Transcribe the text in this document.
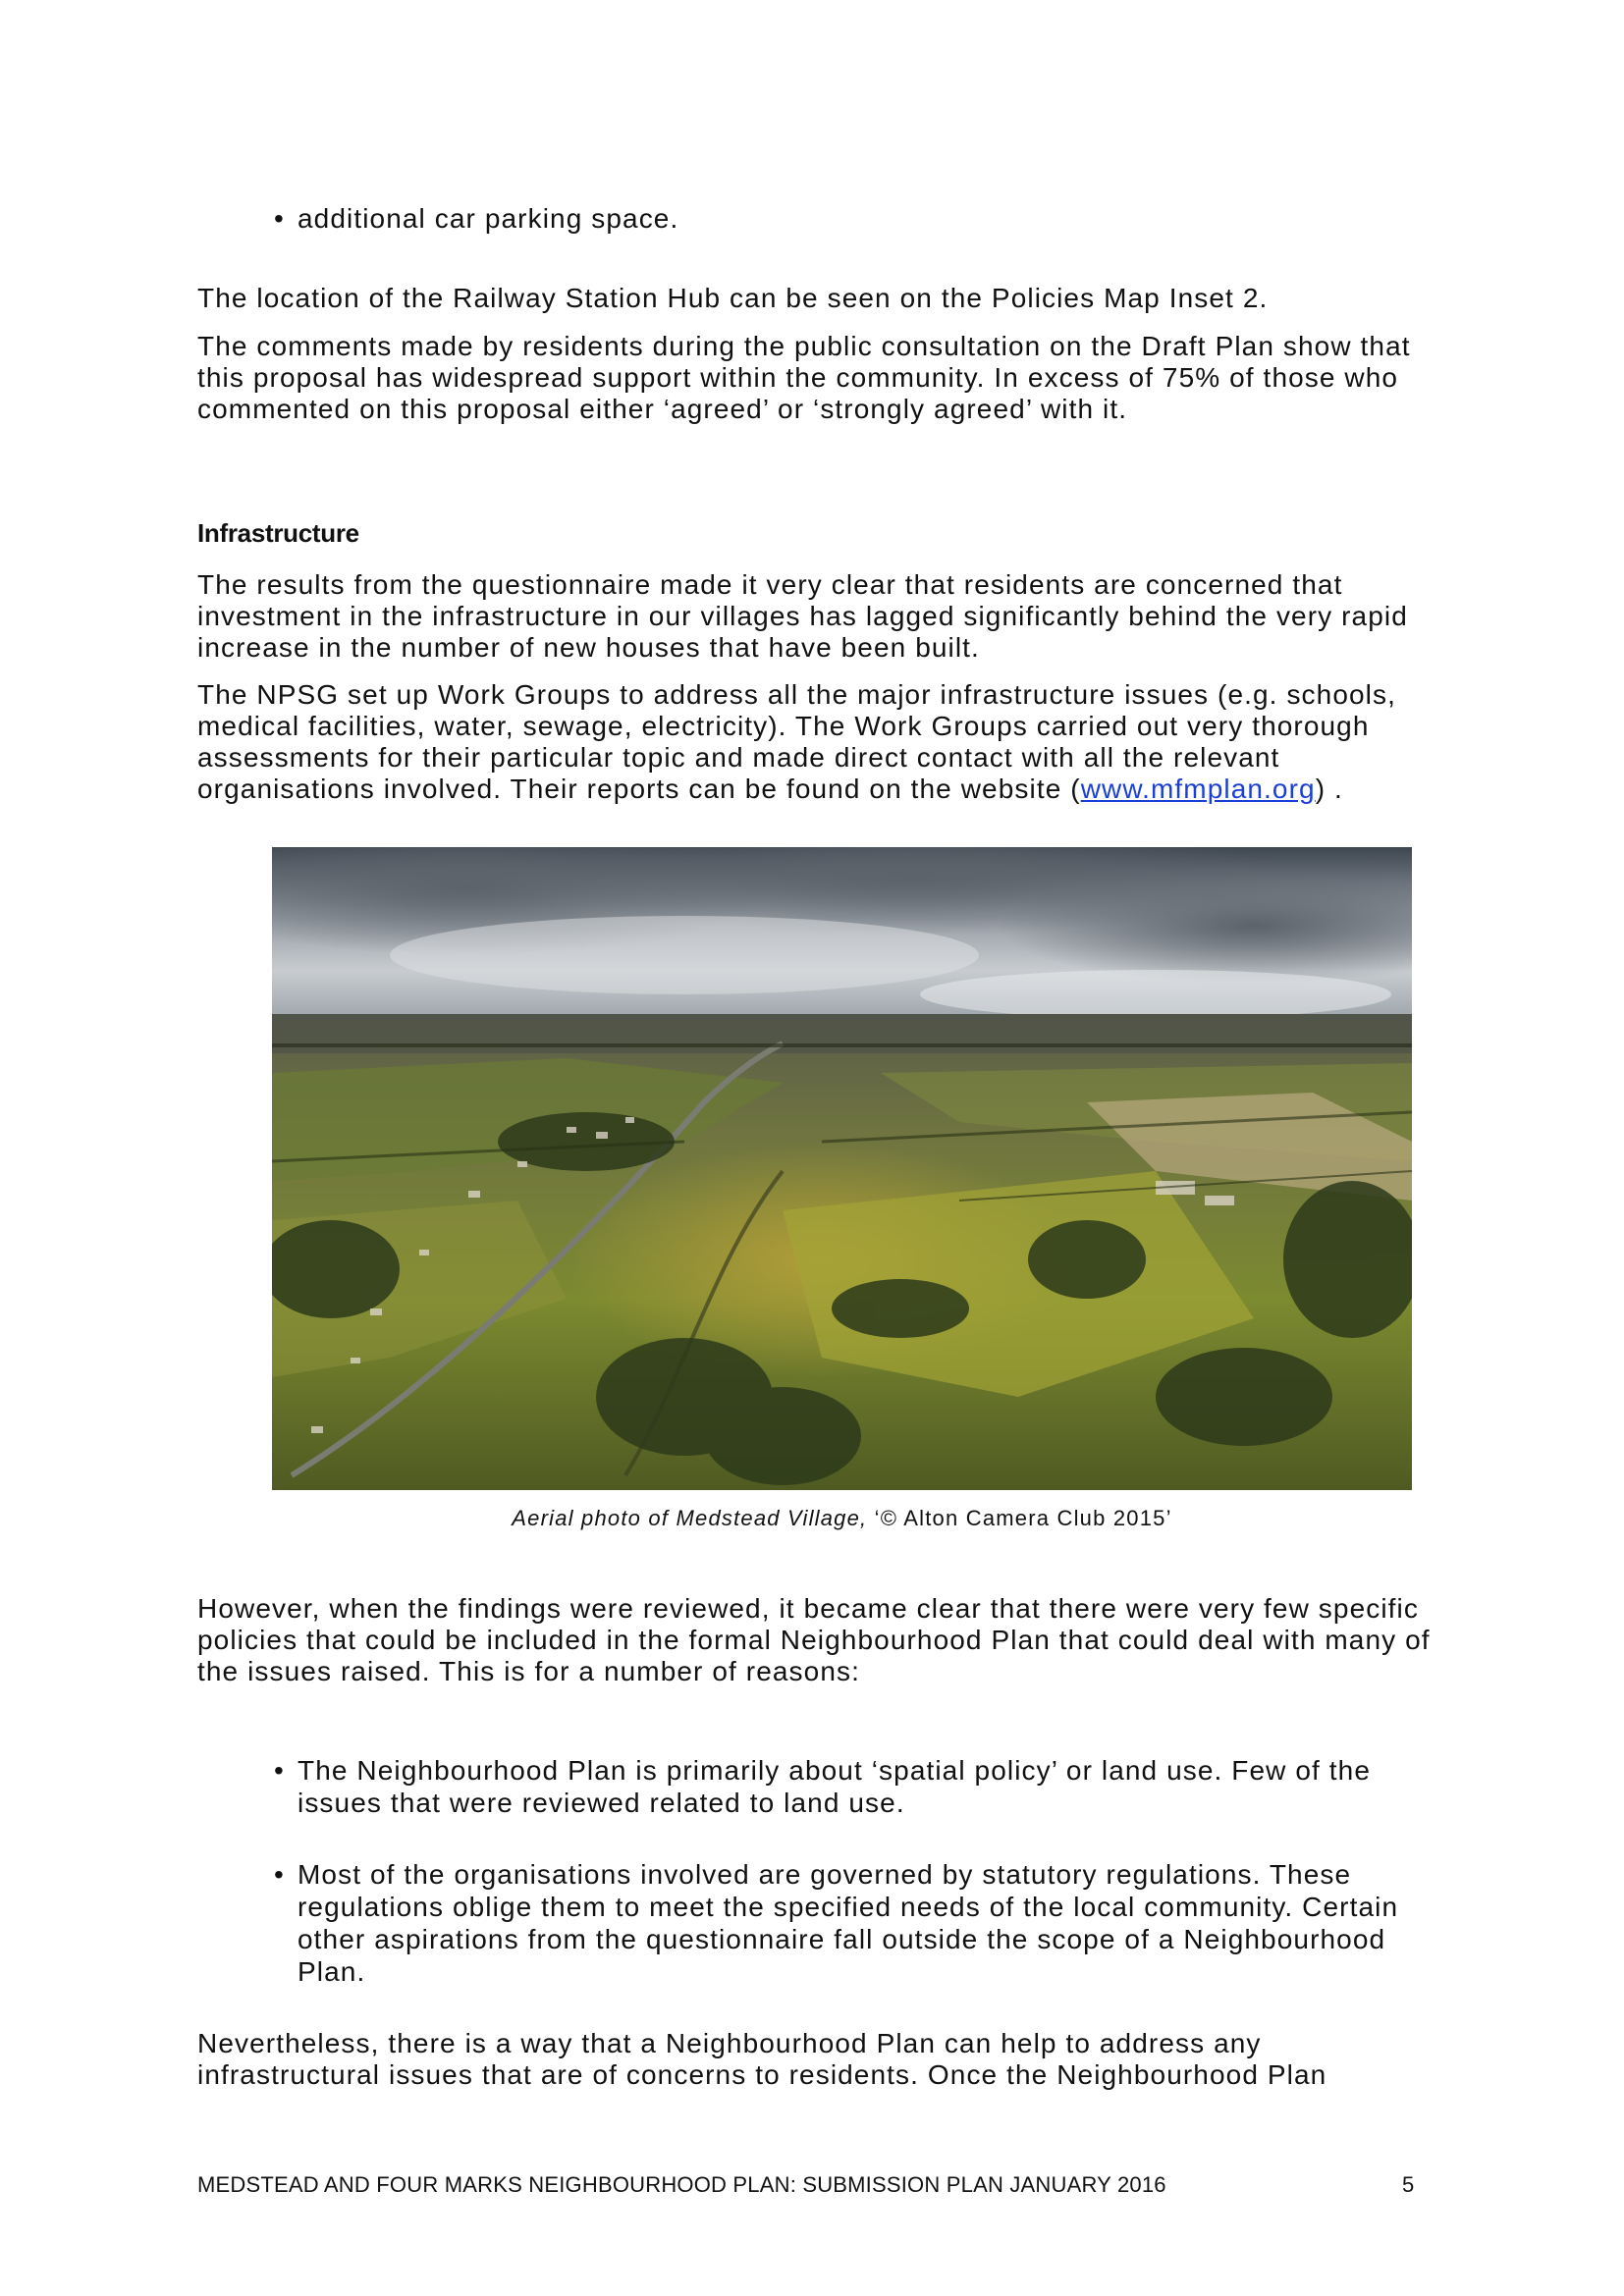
• additional car parking space.

The location of the Railway Station Hub can be seen on the Policies Map Inset 2.

The comments made by residents during the public consultation on the Draft Plan show that this proposal has widespread support within the community. In excess of 75% of those who commented on this proposal either ‘agreed’ or ‘strongly agreed’ with it.

Infrastructure

The results from the questionnaire made it very clear that residents are concerned that investment in the infrastructure in our villages has lagged significantly behind the very rapid increase in the number of new houses that have been built.

The NPSG set up Work Groups to address all the major infrastructure issues (e.g. schools, medical facilities, water, sewage, electricity). The Work Groups carried out very thorough assessments for their particular topic and made direct contact with all the relevant organisations involved. Their reports can be found on the website (www.mfmplan.org) .

Aerial photo of Medstead Village, ‘© Alton Camera Club 2015’

However, when the findings were reviewed, it became clear that there were very few specific policies that could be included in the formal Neighbourhood Plan that could deal with many of the issues raised. This is for a number of reasons:

• The Neighbourhood Plan is primarily about ‘spatial policy’ or land use. Few of the issues that were reviewed related to land use.

• Most of the organisations involved are governed by statutory regulations. These regulations oblige them to meet the specified needs of the local community. Certain other aspirations from the questionnaire fall outside the scope of a Neighbourhood Plan.

Nevertheless, there is a way that a Neighbourhood Plan can help to address any infrastructural issues that are of concerns to residents. Once the Neighbourhood Plan

MEDSTEAD AND FOUR MARKS NEIGHBOURHOOD PLAN: SUBMISSION PLAN JANUARY 2016	5
